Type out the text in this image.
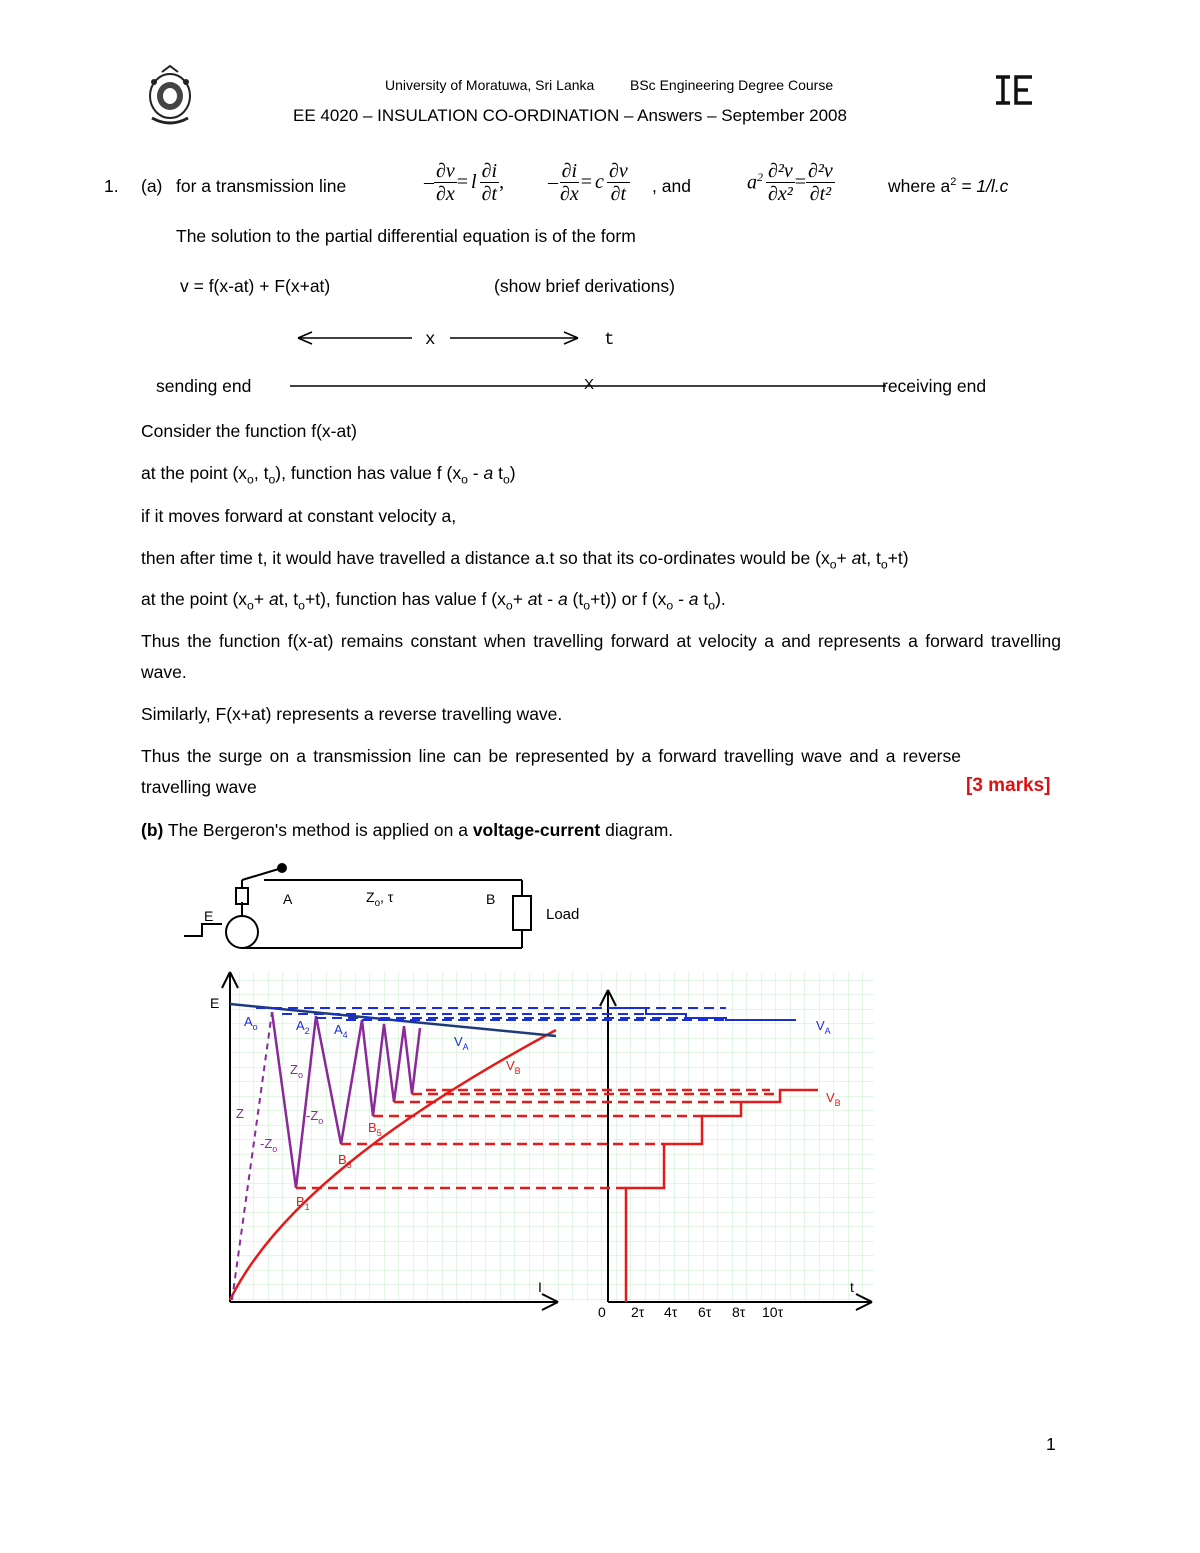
University of Moratuwa, Sri Lanka	BSc Engineering Degree Course
EE 4020 – INSULATION CO-ORDINATION – Answers – September 2008
1. (a) for a transmission line	– $\frac{\partial v}{\partial x} = l \frac{\partial i}{\partial t}$ , – $\frac{\partial i}{\partial x} = c \frac{\partial v}{\partial t}$ , and	$a^2 \frac{\text{∂²v}}{\text{∂x²}} = \frac{\text{∂²v}}{\text{∂t²}}$	where $a^2 = 1/l.c$
The solution to the partial differential equation is of the form
v = f(x-at) + F(x+at)	(show brief derivations)
x	t
sending end	X	receiving end
Consider the function f(x-at)
at the point ($x_o$, $t_o$), function has value f ($x_o$ - a $t_o$)
if it moves forward at constant velocity a,
then after time t, it would have travelled a distance a.t so that its co-ordinates would be ($x_o+$ at, $t_o+t$)
at the point ($x_o+$ at, $t_o+t$), function has value f ($x_o+$ at - a $(t_o+t)$) or f ($x_o$ - a $t_o$).
Thus the function f(x-at) remains constant when travelling forward at velocity a and represents a forward travelling wave.
Similarly, F(x+at) represents a reverse travelling wave.
Thus the surge on a transmission line can be represented by a forward travelling wave and a reverse travelling wave	[3 marks]
(b) The Bergeron's method is applied on a voltage-current diagram.
E
A	$Z_o$, τ	B
Load
E
I	t
$A_o$	$A_2$ $A_4$	$V_A$
$V_A$
$B_1$
$B_3$
$B_5$
$V_B$
$V_B$
Z
$Z_o$
$-Z_o$
$-Z_o$
0 2τ 4τ 6τ 8τ 10τ
1
